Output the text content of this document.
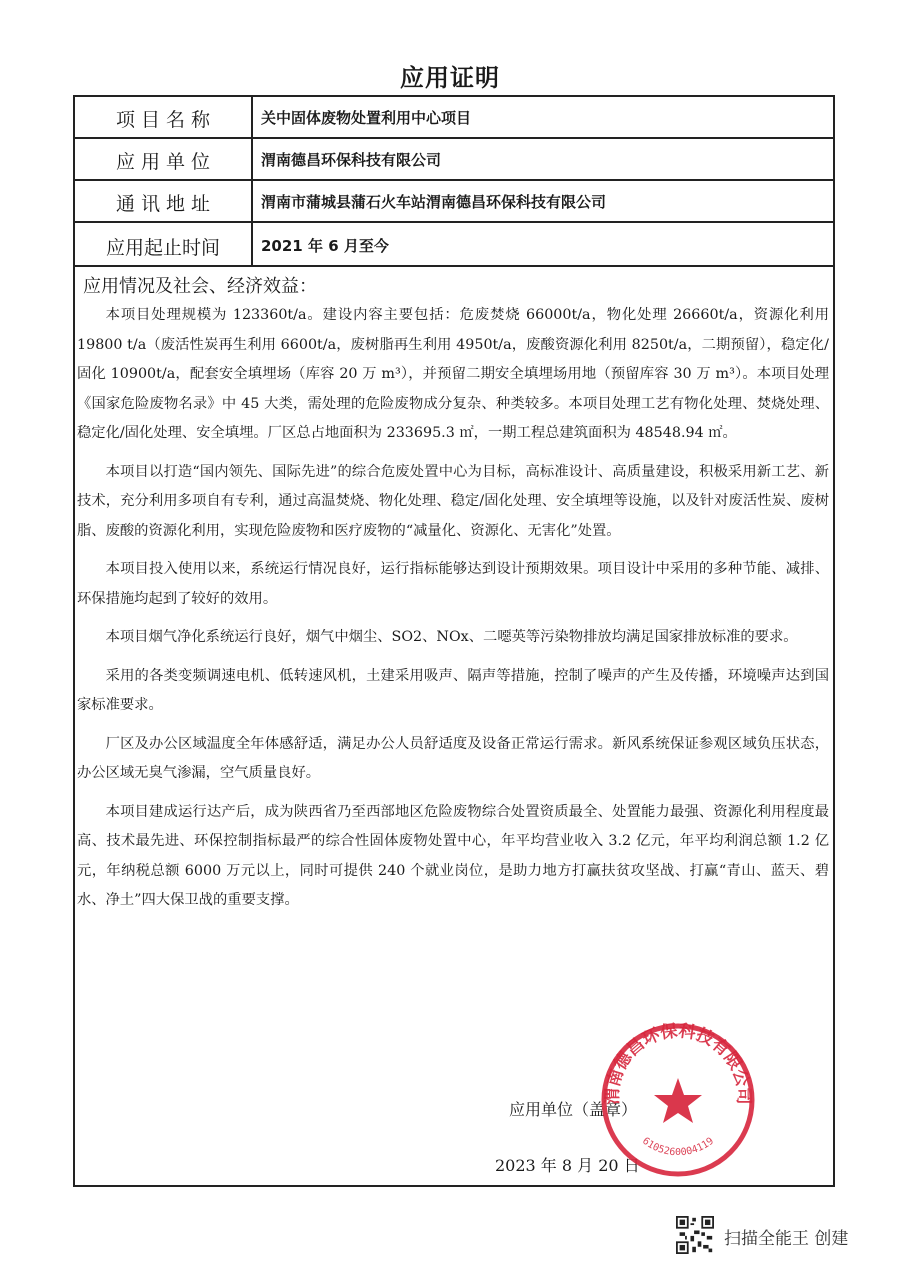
应用证明
项 目 名 称	关中固体废物处置利用中心项目
应 用 单 位	渭南德昌环保科技有限公司
通 讯 地 址	渭南市蒲城县蒲石火车站渭南德昌环保科技有限公司
应用起止时间	2021 年 6 月至今
应用情况及社会、经济效益：

本项目处理规模为 123360t/a。建设内容主要包括：危废焚烧 66000t/a，物化处理 26660t/a，资源化利用 19800 t/a（废活性炭再生利用 6600t/a，废树脂再生利用 4950t/a，废酸资源化利用 8250t/a，二期预留），稳定化/固化 10900t/a，配套安全填埋场（库容 20 万 m³），并预留二期安全填埋场用地（预留库容 30 万 m³）。本项目处理《国家危险废物名录》中 45 大类，需处理的危险废物成分复杂、种类较多。本项目处理工艺有物化处理、焚烧处理、稳定化/固化处理、安全填埋。厂区总占地面积为 233695.3 ㎡，一期工程总建筑面积为 48548.94 ㎡。

本项目以打造“国内领先、国际先进”的综合危废处置中心为目标，高标准设计、高质量建设，积极采用新工艺、新技术，充分利用多项自有专利，通过高温焚烧、物化处理、稳定/固化处理、安全填埋等设施，以及针对废活性炭、废树脂、废酸的资源化利用，实现危险废物和医疗废物的“减量化、资源化、无害化”处置。

本项目投入使用以来，系统运行情况良好，运行指标能够达到设计预期效果。项目设计中采用的多种节能、减排、环保措施均起到了较好的效用。

本项目烟气净化系统运行良好，烟气中烟尘、SO2、NOx、二噁英等污染物排放均满足国家排放标准的要求。

采用的各类变频调速电机、低转速风机，土建采用吸声、隔声等措施，控制了噪声的产生及传播，环境噪声达到国家标准要求。

厂区及办公区域温度全年体感舒适，满足办公人员舒适度及设备正常运行需求。新风系统保证参观区域负压状态，办公区域无臭气渗漏，空气质量良好。

本项目建成运行达产后，成为陕西省乃至西部地区危险废物综合处置资质最全、处置能力最强、资源化利用程度最高、技术最先进、环保控制指标最严的综合性固体废物处置中心，年平均营业收入 3.2 亿元，年平均利润总额 1.2 亿元，年纳税总额 6000 万元以上，同时可提供 240 个就业岗位，是助力地方打赢扶贫攻坚战、打赢“青山、蓝天、碧水、净土”四大保卫战的重要支撑。

应用单位（盖章）
2023 年 8 月 20 日
渭南德昌环保科技有限公司
6105260004119
扫描全能王 创建
